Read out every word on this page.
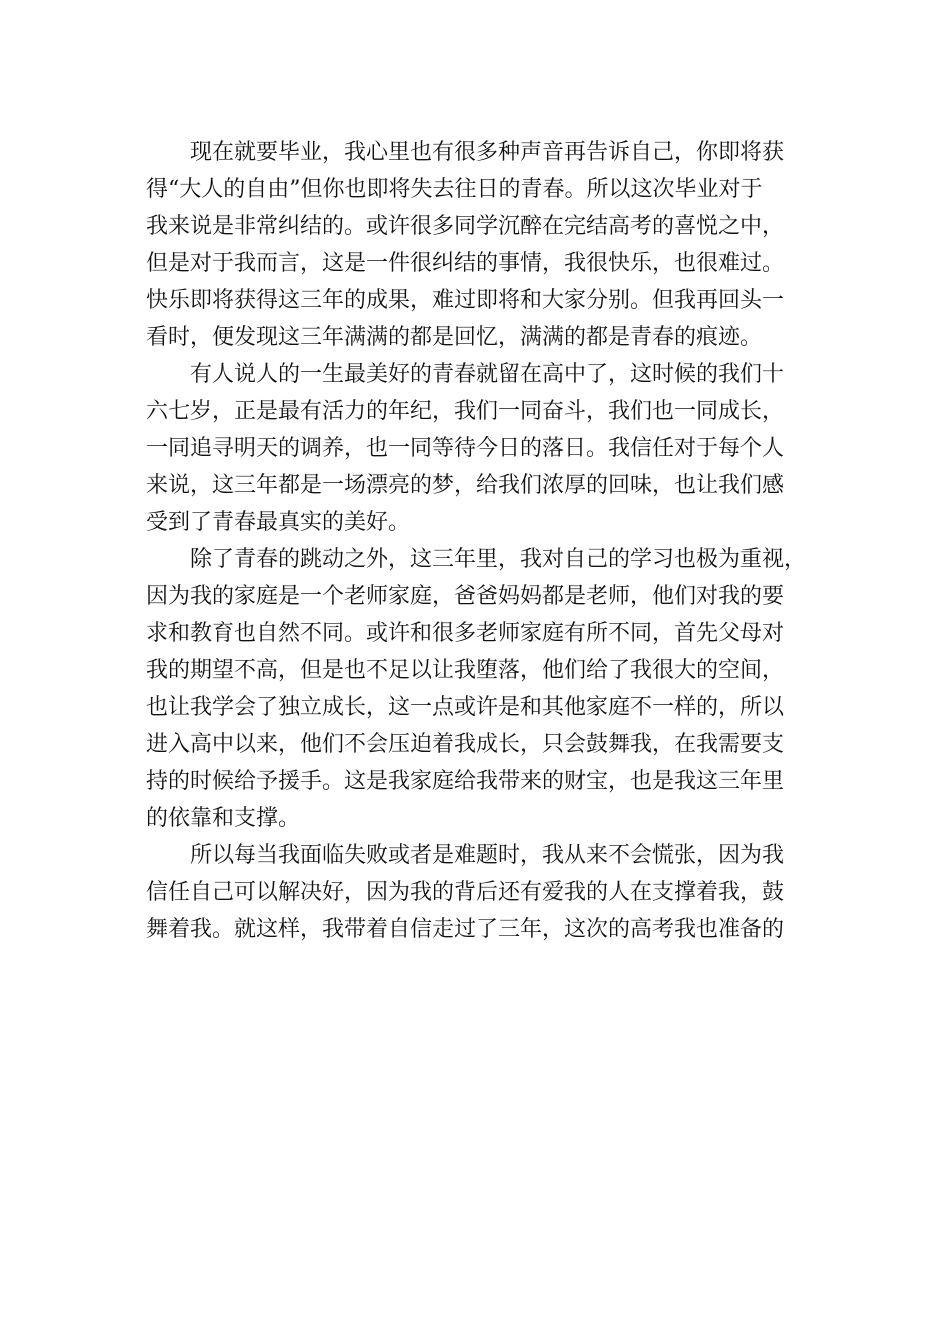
现在就要毕业，我心里也有很多种声音再告诉自己，你即将获
得“大人的自由”但你也即将失去往日的青春。所以这次毕业对于
我来说是非常纠结的。或许很多同学沉醉在完结高考的喜悦之中，
但是对于我而言，这是一件很纠结的事情，我很快乐，也很难过。
快乐即将获得这三年的成果，难过即将和大家分别。但我再回头一
看时，便发现这三年满满的都是回忆，满满的都是青春的痕迹。
有人说人的一生最美好的青春就留在高中了，这时候的我们十
六七岁，正是最有活力的年纪，我们一同奋斗，我们也一同成长，
一同追寻明天的调养，也一同等待今日的落日。我信任对于每个人
来说，这三年都是一场漂亮的梦，给我们浓厚的回味，也让我们感
受到了青春最真实的美好。
除了青春的跳动之外，这三年里，我对自己的学习也极为重视，
因为我的家庭是一个老师家庭，爸爸妈妈都是老师，他们对我的要
求和教育也自然不同。或许和很多老师家庭有所不同，首先父母对
我的期望不高，但是也不足以让我堕落，他们给了我很大的空间，
也让我学会了独立成长，这一点或许是和其他家庭不一样的，所以
进入高中以来，他们不会压迫着我成长，只会鼓舞我，在我需要支
持的时候给予援手。这是我家庭给我带来的财宝，也是我这三年里
的依靠和支撑。
所以每当我面临失败或者是难题时，我从来不会慌张，因为我
信任自己可以解决好，因为我的背后还有爱我的人在支撑着我，鼓
舞着我。就这样，我带着自信走过了三年，这次的高考我也准备的
